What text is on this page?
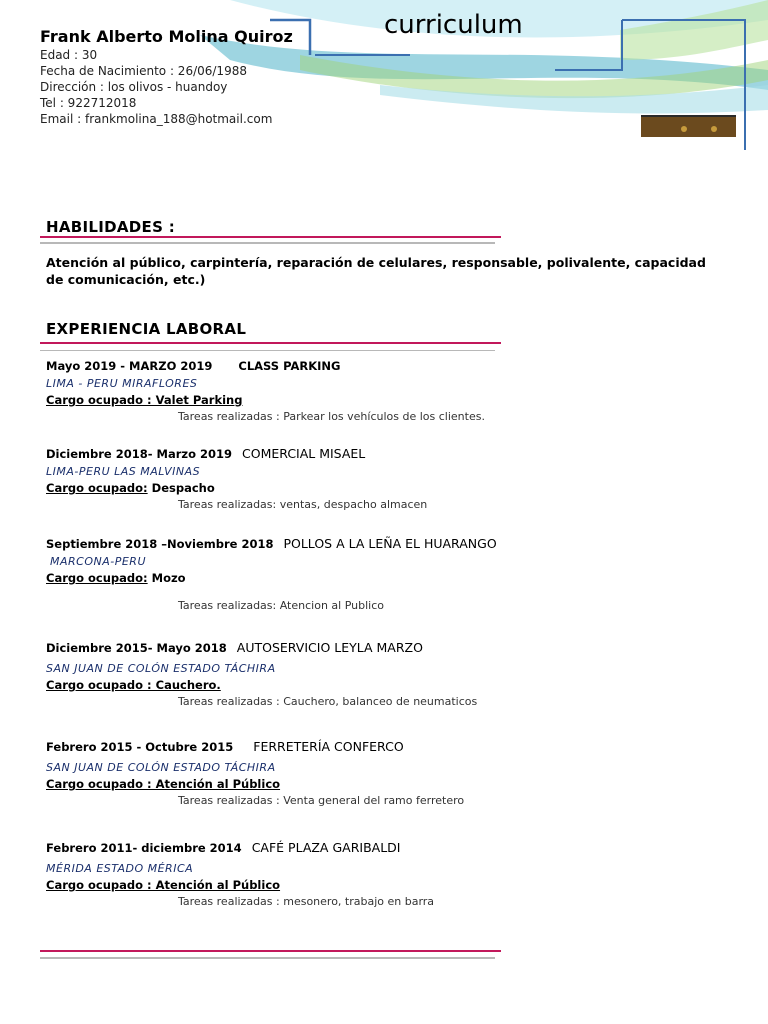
curriculum
Frank Alberto Molina Quiroz
Edad : 30
Fecha de Nacimiento : 26/06/1988
Dirección : los olivos - huandoy
Tel : 922712018
Email : frankmolina_188@hotmail.com
HABILIDADES :
Atención al público, carpintería, reparación de celulares, responsable, polivalente, capacidad de comunicación, etc.)
EXPERIENCIA LABORAL
Mayo 2019 - MARZO 2019 CLASS PARKING
LIMA - PERU MIRAFLORES
Cargo ocupado : Valet Parking
Tareas realizadas : Parkear los vehículos de los clientes.
Diciembre 2018- Marzo 2019 COMERCIAL MISAEL
LIMA-PERU LAS MALVINAS
Cargo ocupado: Despacho
Tareas realizadas: ventas, despacho almacen
Septiembre 2018 –Noviembre 2018 POLLOS A LA LEÑA EL HUARANGO
MARCONA-PERU
Cargo ocupado: Mozo
Tareas realizadas: Atencion al Publico
Diciembre 2015- Mayo 2018 AUTOSERVICIO LEYLA MARZO
SAN JUAN DE COLÓN ESTADO TÁCHIRA
Cargo ocupado : Cauchero.
Tareas realizadas : Cauchero, balanceo de neumaticos
Febrero 2015 - Octubre 2015 FERRETERÍA CONFERCO
SAN JUAN DE COLÓN ESTADO TÁCHIRA
Cargo ocupado : Atención al Público
Tareas realizadas : Venta general del ramo ferretero
Febrero 2011- diciembre 2014 CAFÉ PLAZA GARIBALDI
MÉRIDA ESTADO MÉRICA
Cargo ocupado : Atención al Público
Tareas realizadas : mesonero, trabajo en barra
